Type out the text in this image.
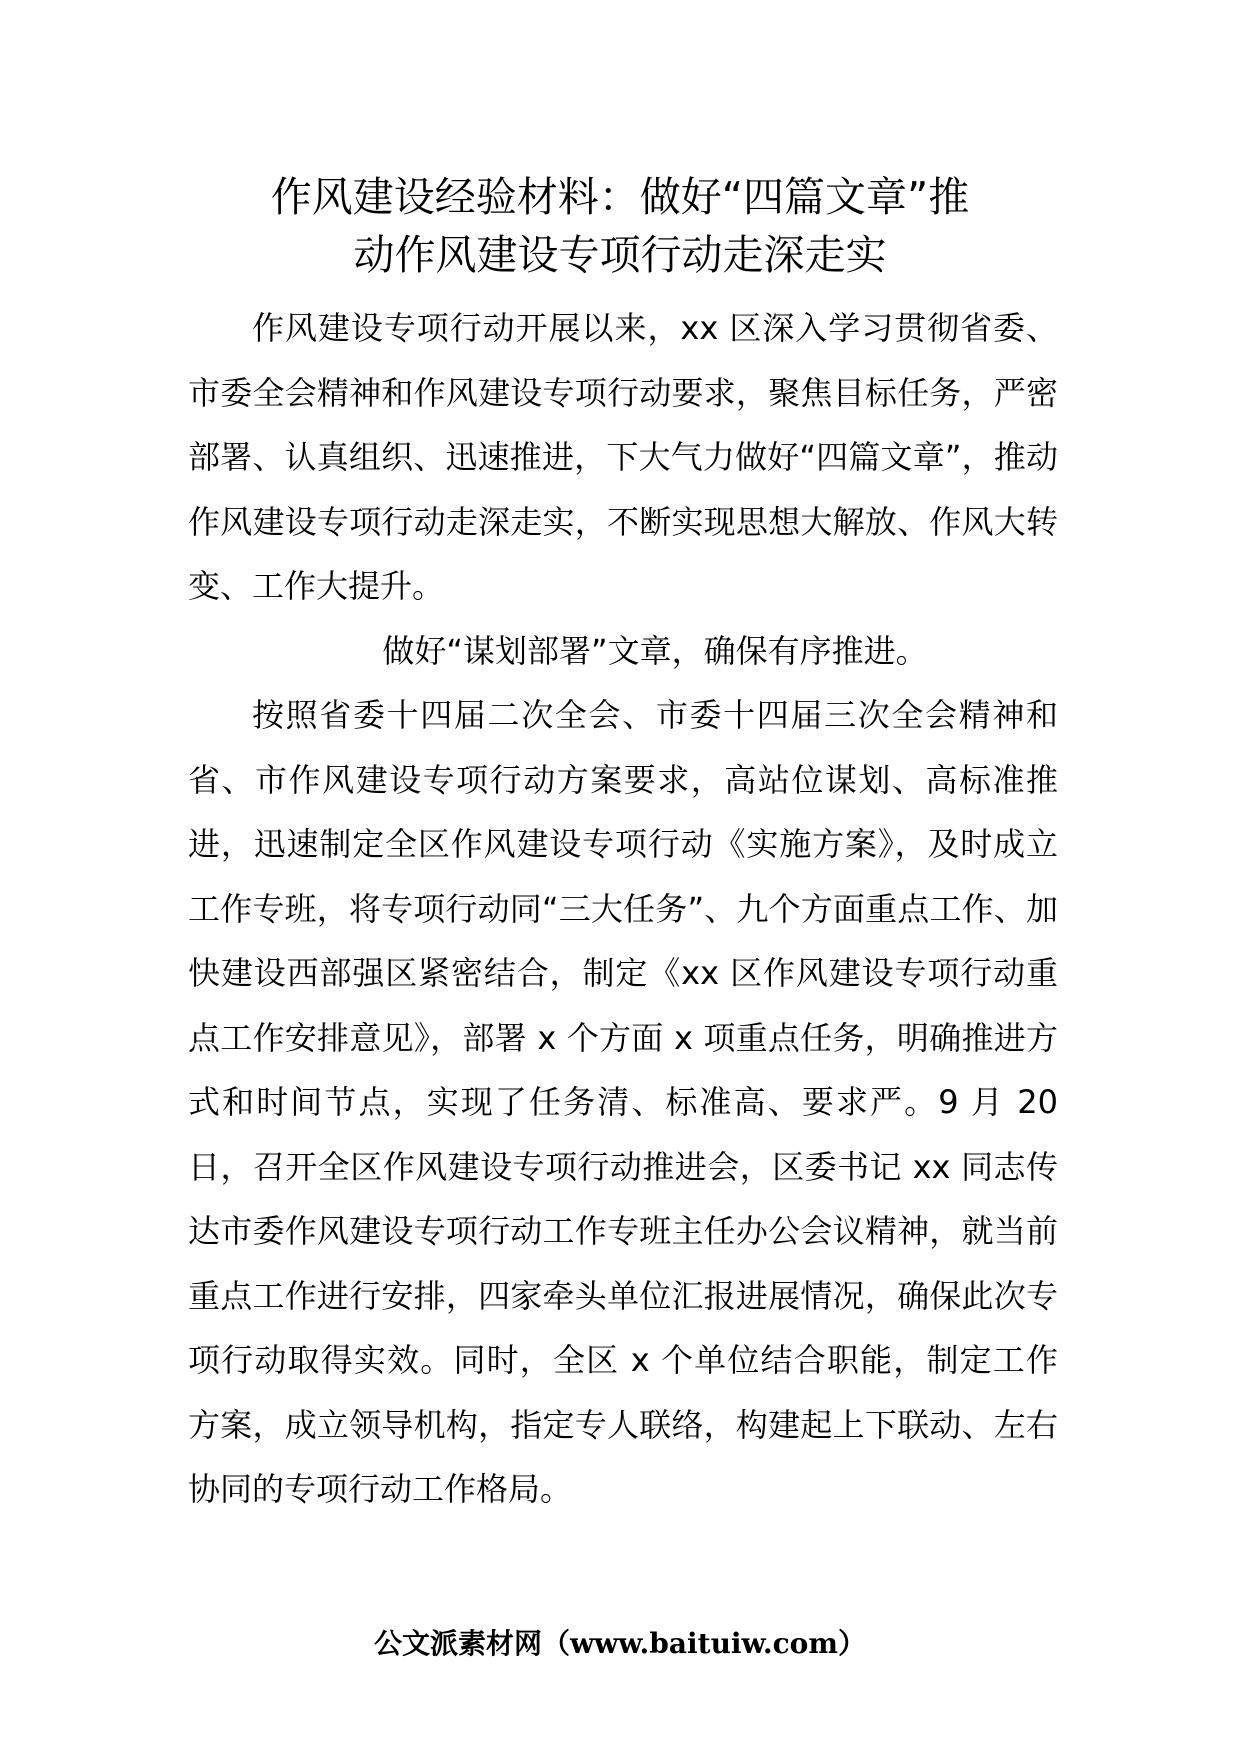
作风建设经验材料：做好“四篇文章”推
动作风建设专项行动走深走实

作风建设专项行动开展以来，xx 区深入学习贯彻省委、市委全会精神和作风建设专项行动要求，聚焦目标任务，严密部署、认真组织、迅速推进，下大气力做好“四篇文章”，推动作风建设专项行动走深走实，不断实现思想大解放、作风大转变、工作大提升。

做好“谋划部署”文章，确保有序推进。

按照省委十四届二次全会、市委十四届三次全会精神和省、市作风建设专项行动方案要求，高站位谋划、高标准推进，迅速制定全区作风建设专项行动《实施方案》，及时成立工作专班，将专项行动同“三大任务”、九个方面重点工作、加快建设西部强区紧密结合，制定《xx 区作风建设专项行动重点工作安排意见》，部署 x 个方面 x 项重点任务，明确推进方式和时间节点，实现了任务清、标准高、要求严。9 月 20 日，召开全区作风建设专项行动推进会，区委书记 xx 同志传达市委作风建设专项行动工作专班主任办公会议精神，就当前重点工作进行安排，四家牵头单位汇报进展情况，确保此次专项行动取得实效。同时，全区 x 个单位结合职能，制定工作方案，成立领导机构，指定专人联络，构建起上下联动、左右协同的专项行动工作格局。

公文派素材网（www.baituiw.com）
